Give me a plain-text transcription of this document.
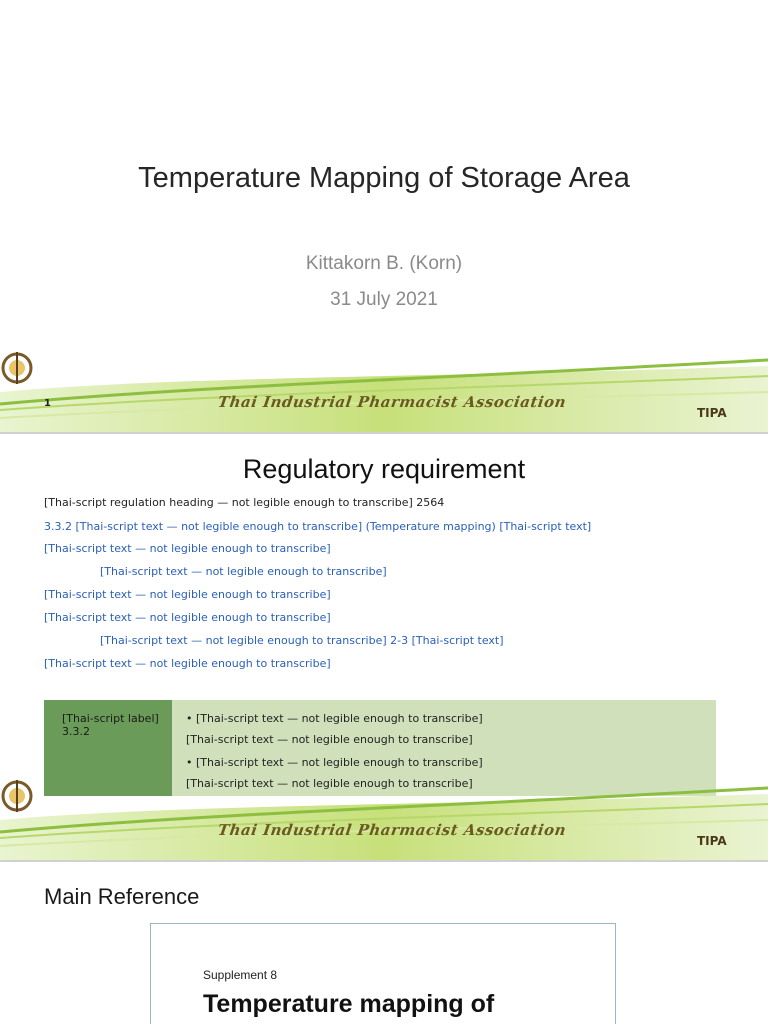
Temperature Mapping of Storage Area
Kittakorn B. (Korn)
31 July 2021
1	Thai Industrial Pharmacist Association
TIPA
Regulatory requirement
[Thai-script regulation heading — not legible enough to transcribe] 2564
3.3.2 [Thai-script text — not legible enough to transcribe] (Temperature mapping) [Thai-script text]
[Thai-script text — not legible enough to transcribe]
[Thai-script text — not legible enough to transcribe]
[Thai-script text — not legible enough to transcribe]
[Thai-script text — not legible enough to transcribe]
[Thai-script text — not legible enough to transcribe] 2-3 [Thai-script text]
[Thai-script text — not legible enough to transcribe]
[Thai-script label] 3.3.2
• [Thai-script text — not legible enough to transcribe]
[Thai-script text — not legible enough to transcribe]
• [Thai-script text — not legible enough to transcribe]
[Thai-script text — not legible enough to transcribe]
Thai Industrial Pharmacist Association
TIPA
Main Reference
Supplement 8
Temperature mapping of
